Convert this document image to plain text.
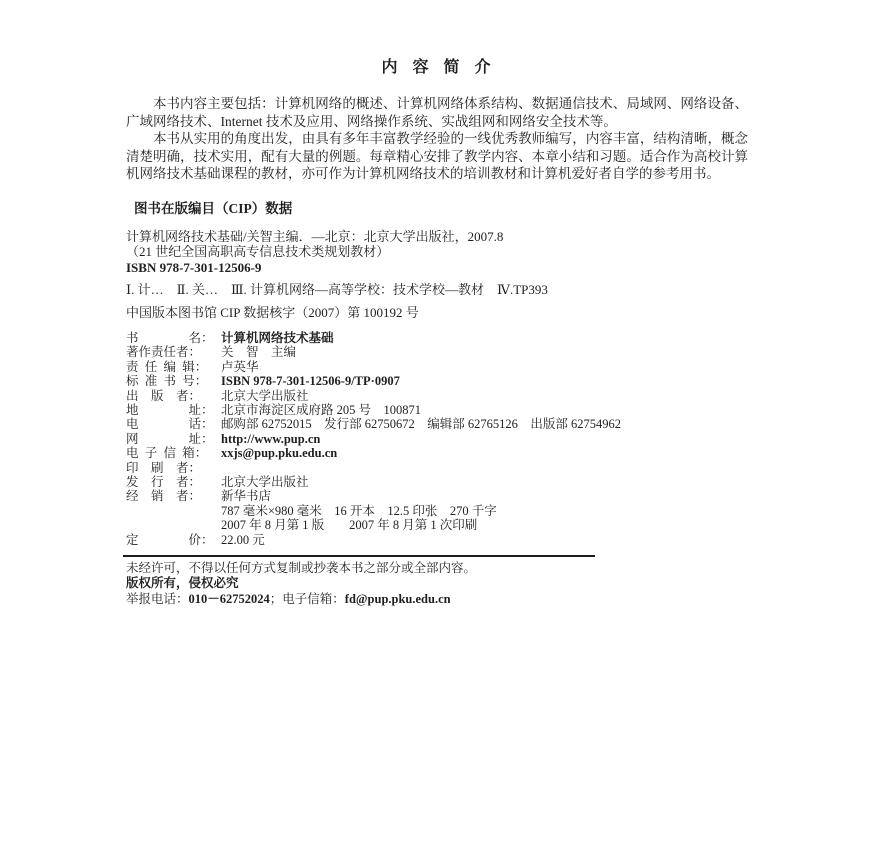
内 容 简 介

本书内容主要包括：计算机网络的概述、计算机网络体系结构、数据通信技术、局域网、网络设备、广域网络技术、Internet 技术及应用、网络操作系统、实战组网和网络安全技术等。

本书从实用的角度出发，由具有多年丰富教学经验的一线优秀教师编写，内容丰富，结构清晰，概念清楚明确，技术实用，配有大量的例题。每章精心安排了教学内容、本章小结和习题。适合作为高校计算机网络技术基础课程的教材，亦可作为计算机网络技术的培训教材和计算机爱好者自学的参考用书。

图书在版编目（CIP）数据

计算机网络技术基础/关智主编．—北京：北京大学出版社，2007.8

（21 世纪全国高职高专信息技术类规划教材）

ISBN 978-7-301-12506-9

Ⅰ. 计…　Ⅱ. 关…　Ⅲ. 计算机网络—高等学校：技术学校—教材　Ⅳ.TP393

中国版本图书馆 CIP 数据核字（2007）第 100192 号

书　　　　名： 计算机网络技术基础
著作责任者： 关　智　主编
责 任 编 辑： 卢英华
标 准 书 号： ISBN 978-7-301-12506-9/TP·0907
出　版　者： 北京大学出版社
地　　　　址： 北京市海淀区成府路 205 号　100871
电　　　　话： 邮购部 62752015　发行部 62750672　编辑部 62765126　出版部 62754962
网　　　　址： http://www.pup.cn
电 子 信 箱： xxjs@pup.pku.edu.cn
印　刷　者：
发　行　者： 北京大学出版社
经　销　者： 新华书店
787 毫米×980 毫米　16 开本　12.5 印张　270 千字
2007 年 8 月第 1 版　　2007 年 8 月第 1 次印刷
定　　　　价： 22.00 元

未经许可，不得以任何方式复制或抄袭本书之部分或全部内容。

版权所有，侵权必究

举报电话：010－62752024；电子信箱：fd@pup.pku.edu.cn
